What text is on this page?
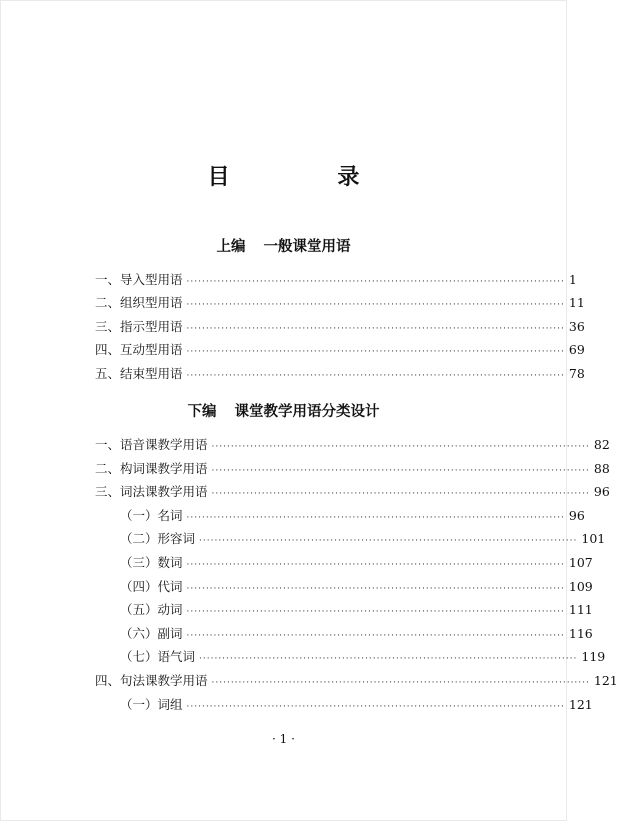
目 录
上编 一般课堂用语
一、导入型用语 ·································································································· 1
二、组织型用语 ·································································································· 11
三、指示型用语 ·································································································· 36
四、互动型用语 ·································································································· 69
五、结束型用语 ·································································································· 78
下编 课堂教学用语分类设计
一、语音课教学用语 ·································································································· 82
二、构词课教学用语 ·································································································· 88
三、词法课教学用语 ·································································································· 96
（一）名词 ·································································································· 96
（二）形容词 ·································································································· 101
（三）数词 ·································································································· 107
（四）代词 ·································································································· 109
（五）动词 ·································································································· 111
（六）副词 ·································································································· 116
（七）语气词 ·································································································· 119
四、句法课教学用语 ·································································································· 121
（一）词组 ·································································································· 121
· 1 ·
